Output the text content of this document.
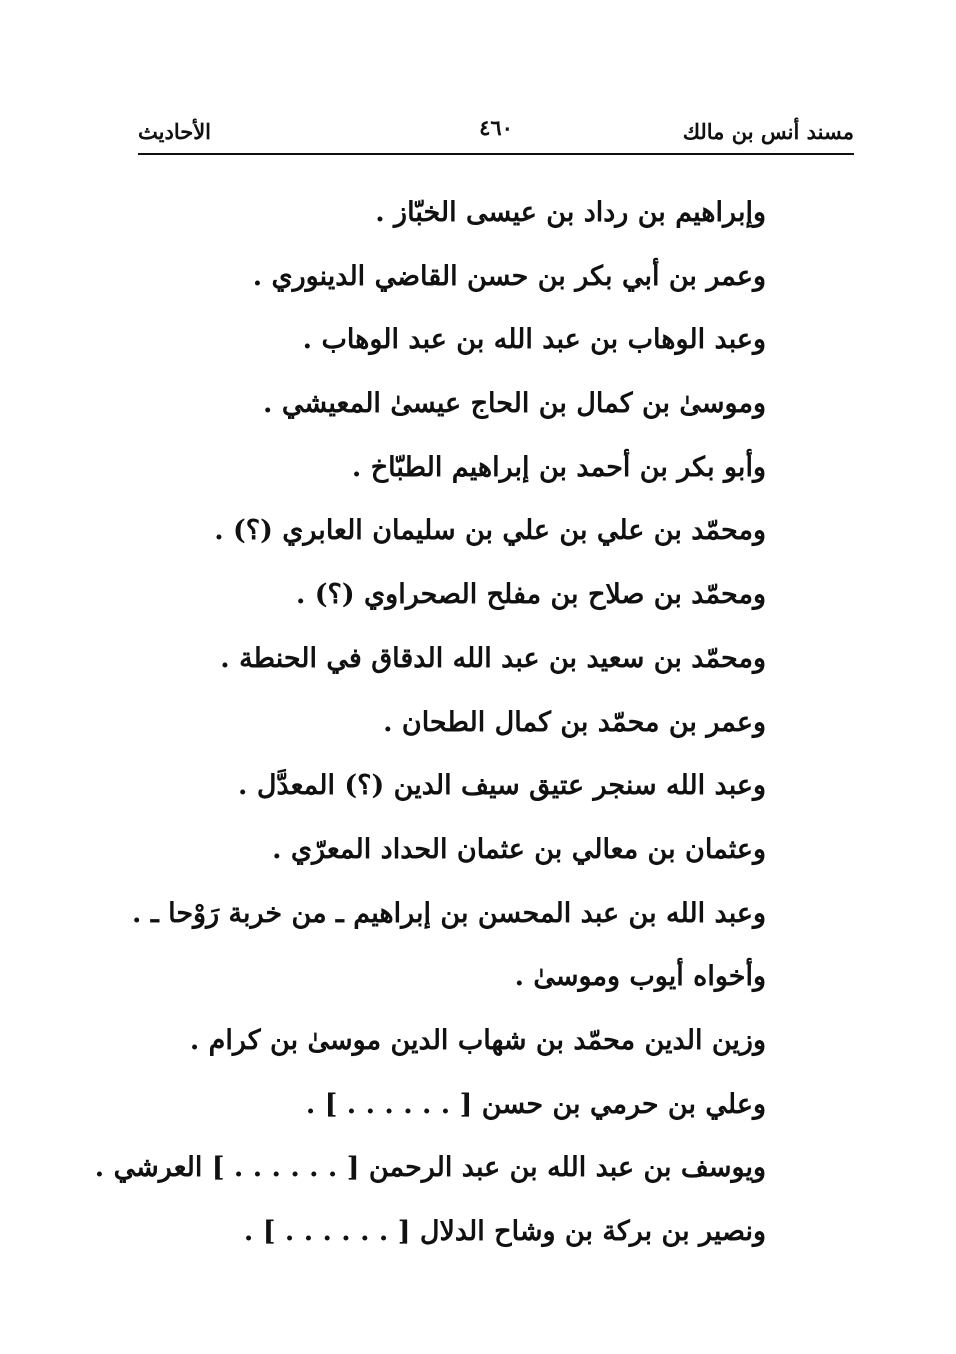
مسند أنس بن مالك
٤٦٠
الأحاديث
وإبراهيم بن رداد بن عيسى الخبّاز .
وعمر بن أبي بكر بن حسن القاضي الدينوري .
وعبد الوهاب بن عبد الله بن عبد الوهاب .
وموسىٰ بن كمال بن الحاج عيسىٰ المعيشي .
وأبو بكر بن أحمد بن إبراهيم الطبّاخ .
ومحمّد بن علي بن علي بن سليمان العابري (؟) .
ومحمّد بن صلاح بن مفلح الصحراوي (؟) .
ومحمّد بن سعيد بن عبد الله الدقاق في الحنطة .
وعمر بن محمّد بن كمال الطحان .
وعبد الله سنجر عتيق سيف الدين (؟) المعدَّل .
وعثمان بن معالي بن عثمان الحداد المعرّي .
وعبد الله بن عبد المحسن بن إبراهيم ـ من خربة رَوْحا ـ .
وأخواه أيوب وموسىٰ .
وزين الدين محمّد بن شهاب الدين موسىٰ بن كرام .
وعلي بن حرمي بن حسن [ . . . . . . ] .
ويوسف بن عبد الله بن عبد الرحمن [ . . . . . . ] العرشي .
ونصير بن بركة بن وشاح الدلال [ . . . . . . ] .
